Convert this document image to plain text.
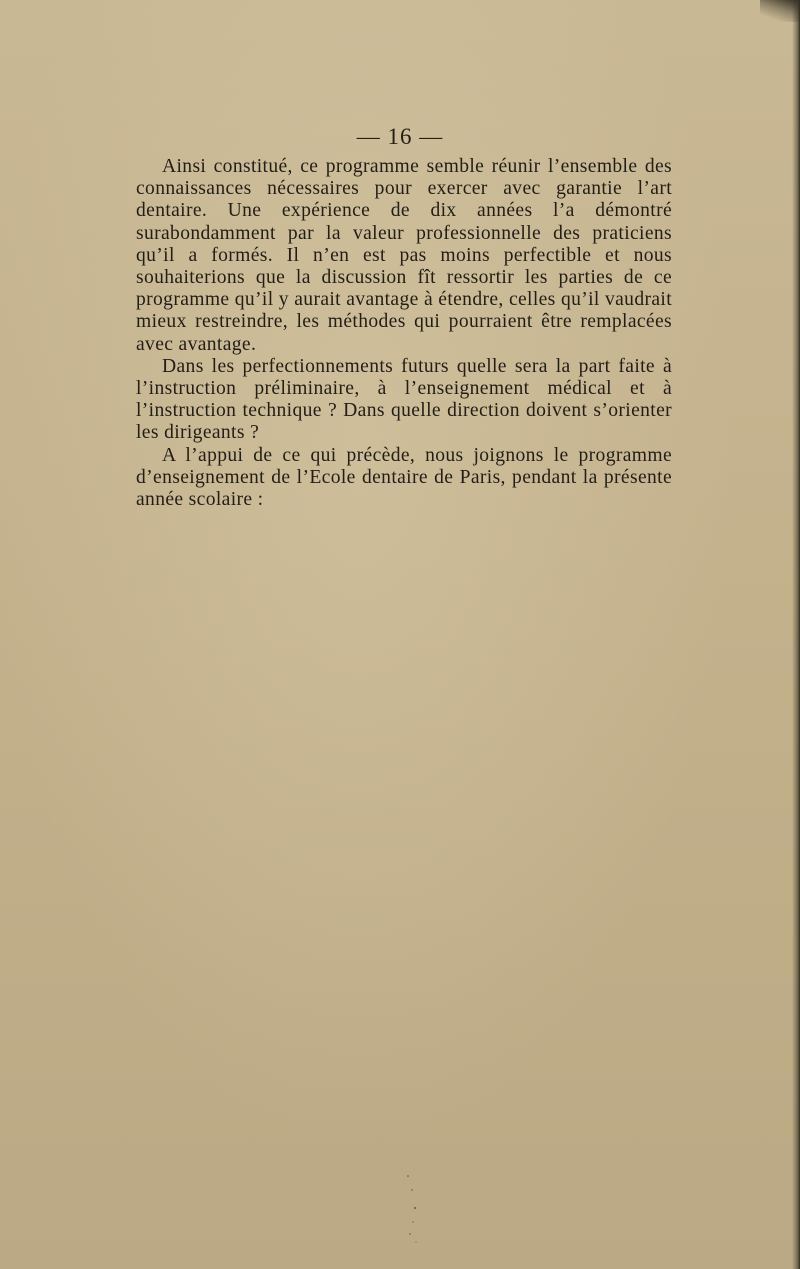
— 16 —

Ainsi constitué, ce programme semble réunir l’ensemble des connaissances nécessaires pour exercer avec garantie l’art dentaire. Une expérience de dix années l’a démontré surabondamment par la valeur professionnelle des praticiens qu’il a formés. Il n’en est pas moins perfectible et nous souhaiterions que la discussion fît ressortir les parties de ce programme qu’il y aurait avantage à étendre, celles qu’il vaudrait mieux restreindre, les méthodes qui pourraient être remplacées avec avantage.

Dans les perfectionnements futurs quelle sera la part faite à l’instruction préliminaire, à l’enseignement médical et à l’instruction technique ? Dans quelle direction doivent s’orienter les dirigeants ?

A l’appui de ce qui précède, nous joignons le programme d’enseignement de l’Ecole dentaire de Paris, pendant la présente année scolaire :
